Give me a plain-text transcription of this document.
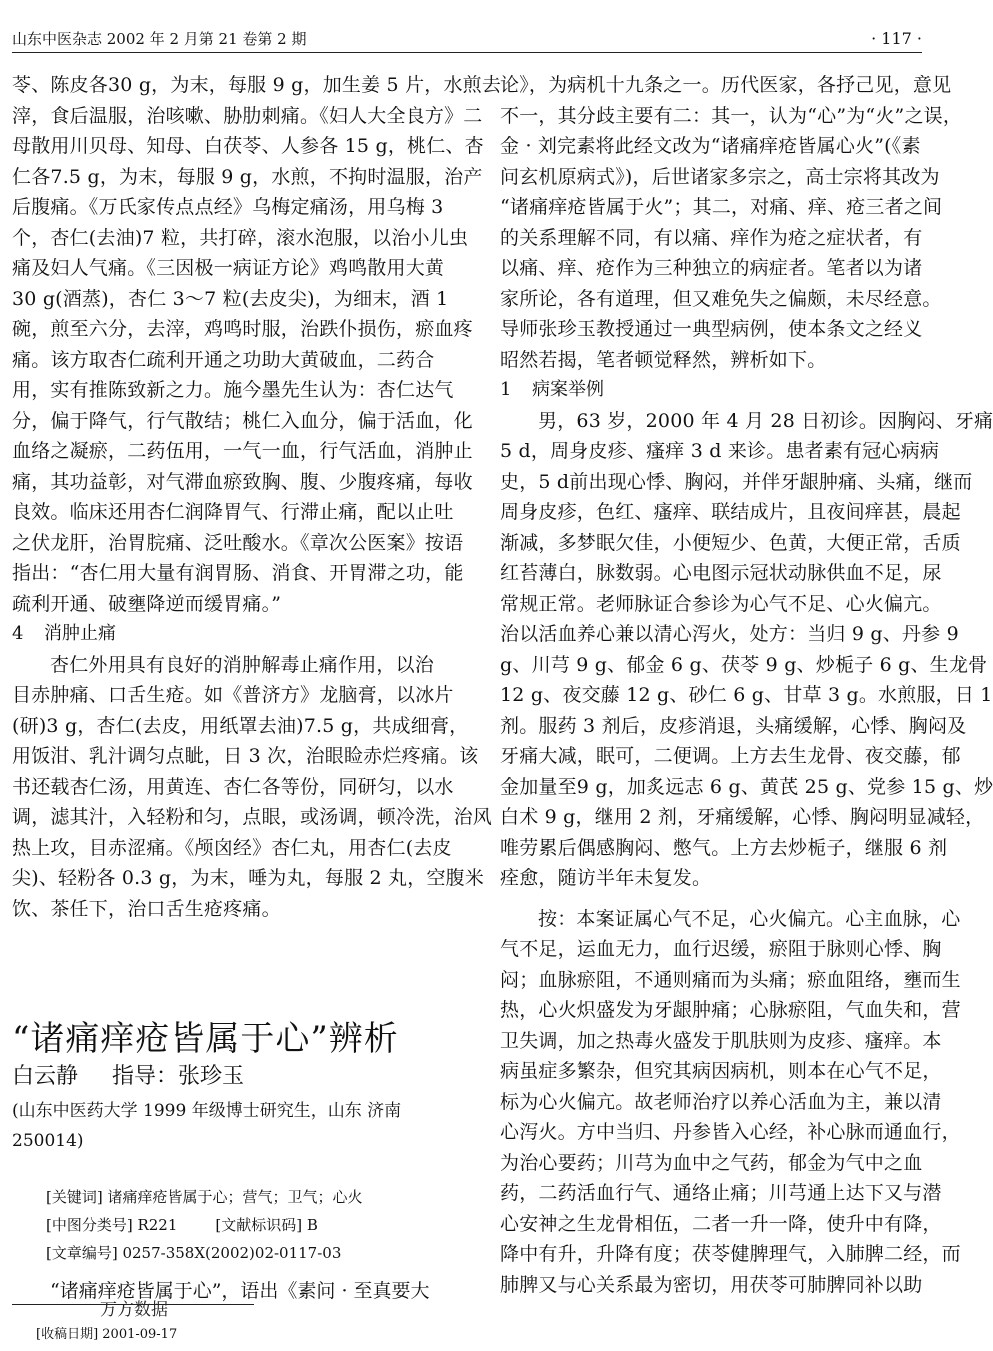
山东中医杂志 2002 年 2 月第 21 卷第 2 期	· 117 ·
苓、陈皮各30 g，为末，每服 9 g，加生姜 5 片，水煎去
滓，食后温服，治咳嗽、胁肋刺痛。《妇人大全良方》二
母散用川贝母、知母、白茯苓、人参各 15 g，桃仁、杏
仁各7.5 g，为末，每服 9 g，水煎，不拘时温服，治产
后腹痛。《万氏家传点点经》乌梅定痛汤，用乌梅 3
个，杏仁(去油)7 粒，共打碎，滚水泡服，以治小儿虫
痛及妇人气痛。《三因极一病证方论》鸡鸣散用大黄
30 g(酒蒸)，杏仁 3～7 粒(去皮尖)，为细末，酒 1
碗，煎至六分，去滓，鸡鸣时服，治跌仆损伤，瘀血疼
痛。该方取杏仁疏利开通之功助大黄破血，二药合
用，实有推陈致新之力。施今墨先生认为：杏仁达气
分，偏于降气，行气散结；桃仁入血分，偏于活血，化
血络之凝瘀，二药伍用，一气一血，行气活血，消肿止
痛，其功益彰，对气滞血瘀致胸、腹、少腹疼痛，每收
良效。临床还用杏仁润降胃气、行滞止痛，配以止吐
之伏龙肝，治胃脘痛、泛吐酸水。《章次公医案》按语
指出：“杏仁用大量有润胃肠、消食、开胃滞之功，能
疏利开通、破壅降逆而缓胃痛。”
4 消肿止痛
杏仁外用具有良好的消肿解毒止痛作用，以治
目赤肿痛、口舌生疮。如《普济方》龙脑膏，以冰片
(研)3 g，杏仁(去皮，用纸罩去油)7.5 g，共成细膏，
用饭泔、乳汁调匀点眦，日 3 次，治眼睑赤烂疼痛。该
书还载杏仁汤，用黄连、杏仁各等份，同研匀，以水
调，滤其汁，入轻粉和匀，点眼，或汤调，顿冷洗，治风
热上攻，目赤涩痛。《颅囟经》杏仁丸，用杏仁(去皮
尖)、轻粉各 0.3 g，为末，唾为丸，每服 2 丸，空腹米
饮、茶任下，治口舌生疮疼痛。
“诸痛痒疮皆属于心”辨析
白云静 指导：张珍玉
(山东中医药大学 1999 年级博士研究生，山东 济南
250014)
[关键词] 诸痛痒疮皆属于心；营气；卫气；心火
[中图分类号] R221	[文献标识码] B
[文章编号] 0257-358X(2002)02-0117-03
“诸痛痒疮皆属于心”，语出《素问 · 至真要大
万方数据
[收稿日期] 2001-09-17
论》，为病机十九条之一。历代医家，各抒己见，意见
不一，其分歧主要有二：其一，认为“心”为“火”之误，
金 · 刘完素将此经文改为“诸痛痒疮皆属心火”(《素
问玄机原病式》)，后世诸家多宗之，高士宗将其改为
“诸痛痒疮皆属于火”；其二，对痛、痒、疮三者之间
的关系理解不同，有以痛、痒作为疮之症状者，有
以痛、痒、疮作为三种独立的病症者。笔者以为诸
家所论，各有道理，但又难免失之偏颇，未尽经意。
导师张珍玉教授通过一典型病例，使本条文之经义
昭然若揭，笔者顿觉释然，辨析如下。
1 病案举例
男，63 岁，2000 年 4 月 28 日初诊。因胸闷、牙痛
5 d，周身皮疹、瘙痒 3 d 来诊。患者素有冠心病病
史，5 d前出现心悸、胸闷，并伴牙龈肿痛、头痛，继而
周身皮疹，色红、瘙痒、联结成片，且夜间痒甚，晨起
渐减，多梦眠欠佳，小便短少、色黄，大便正常，舌质
红苔薄白，脉数弱。心电图示冠状动脉供血不足，尿
常规正常。老师脉证合参诊为心气不足、心火偏亢。
治以活血养心兼以清心泻火，处方：当归 9 g、丹参 9
g、川芎 9 g、郁金 6 g、茯苓 9 g、炒栀子 6 g、生龙骨
12 g、夜交藤 12 g、砂仁 6 g、甘草 3 g。水煎服，日 1
剂。服药 3 剂后，皮疹消退，头痛缓解，心悸、胸闷及
牙痛大减，眠可，二便调。上方去生龙骨、夜交藤，郁
金加量至9 g，加炙远志 6 g、黄芪 25 g、党参 15 g、炒
白术 9 g，继用 2 剂，牙痛缓解，心悸、胸闷明显减轻，
唯劳累后偶感胸闷、憋气。上方去炒栀子，继服 6 剂
痊愈，随访半年未复发。
按：本案证属心气不足，心火偏亢。心主血脉，心
气不足，运血无力，血行迟缓，瘀阻于脉则心悸、胸
闷；血脉瘀阻，不通则痛而为头痛；瘀血阻络，壅而生
热，心火炽盛发为牙龈肿痛；心脉瘀阻，气血失和，营
卫失调，加之热毒火盛发于肌肤则为皮疹、瘙痒。本
病虽症多繁杂，但究其病因病机，则本在心气不足，
标为心火偏亢。故老师治疗以养心活血为主，兼以清
心泻火。方中当归、丹参皆入心经，补心脉而通血行，
为治心要药；川芎为血中之气药，郁金为气中之血
药，二药活血行气、通络止痛；川芎通上达下又与潜
心安神之生龙骨相伍，二者一升一降，使升中有降，
降中有升，升降有度；茯苓健脾理气，入肺脾二经，而
肺脾又与心关系最为密切，用茯苓可肺脾同补以助
